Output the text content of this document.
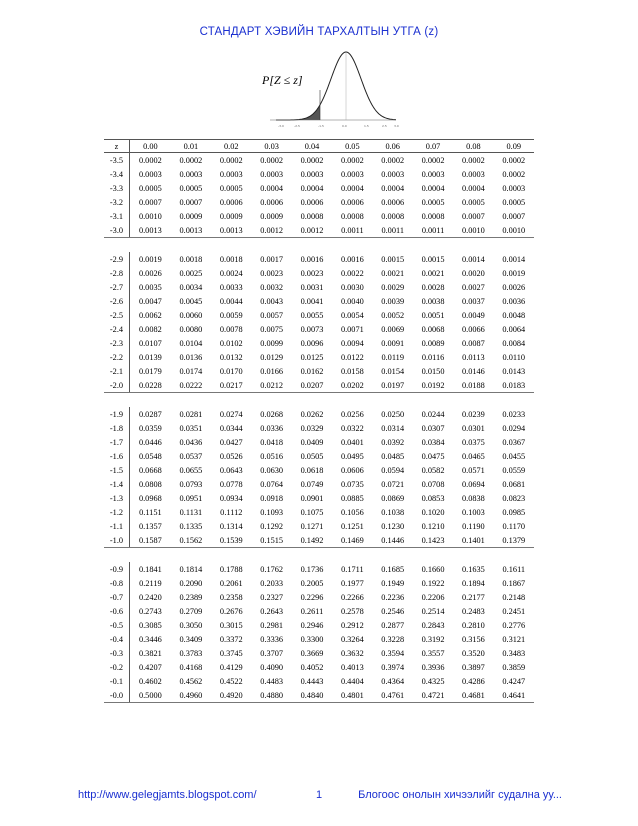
СТАНДАРТ ХЭВИЙН ТАРХАЛТЫН УТГА (z)
P[Z ≤ z]
-3.0	-2.5	-1.5	0.0	1.5	2.5 3.0
z	0.00	0.01	0.02	0.03	0.04	0.05	0.06	0.07	0.08	0.09
-3.5	0.0002	0.0002	0.0002	0.0002	0.0002	0.0002	0.0002	0.0002	0.0002	0.0002
-3.4	0.0003	0.0003	0.0003	0.0003	0.0003	0.0003	0.0003	0.0003	0.0003	0.0002
-3.3	0.0005	0.0005	0.0005	0.0004	0.0004	0.0004	0.0004	0.0004	0.0004	0.0003
-3.2	0.0007	0.0007	0.0006	0.0006	0.0006	0.0006	0.0006	0.0005	0.0005	0.0005
-3.1	0.0010	0.0009	0.0009	0.0009	0.0008	0.0008	0.0008	0.0008	0.0007	0.0007
-3.0	0.0013	0.0013	0.0013	0.0012	0.0012	0.0011	0.0011	0.0011	0.0010	0.0010

-2.9	0.0019	0.0018	0.0018	0.0017	0.0016	0.0016	0.0015	0.0015	0.0014	0.0014
-2.8	0.0026	0.0025	0.0024	0.0023	0.0023	0.0022	0.0021	0.0021	0.0020	0.0019
-2.7	0.0035	0.0034	0.0033	0.0032	0.0031	0.0030	0.0029	0.0028	0.0027	0.0026
-2.6	0.0047	0.0045	0.0044	0.0043	0.0041	0.0040	0.0039	0.0038	0.0037	0.0036
-2.5	0.0062	0.0060	0.0059	0.0057	0.0055	0.0054	0.0052	0.0051	0.0049	0.0048
-2.4	0.0082	0.0080	0.0078	0.0075	0.0073	0.0071	0.0069	0.0068	0.0066	0.0064
-2.3	0.0107	0.0104	0.0102	0.0099	0.0096	0.0094	0.0091	0.0089	0.0087	0.0084
-2.2	0.0139	0.0136	0.0132	0.0129	0.0125	0.0122	0.0119	0.0116	0.0113	0.0110
-2.1	0.0179	0.0174	0.0170	0.0166	0.0162	0.0158	0.0154	0.0150	0.0146	0.0143
-2.0	0.0228	0.0222	0.0217	0.0212	0.0207	0.0202	0.0197	0.0192	0.0188	0.0183

-1.9	0.0287	0.0281	0.0274	0.0268	0.0262	0.0256	0.0250	0.0244	0.0239	0.0233
-1.8	0.0359	0.0351	0.0344	0.0336	0.0329	0.0322	0.0314	0.0307	0.0301	0.0294
-1.7	0.0446	0.0436	0.0427	0.0418	0.0409	0.0401	0.0392	0.0384	0.0375	0.0367
-1.6	0.0548	0.0537	0.0526	0.0516	0.0505	0.0495	0.0485	0.0475	0.0465	0.0455
-1.5	0.0668	0.0655	0.0643	0.0630	0.0618	0.0606	0.0594	0.0582	0.0571	0.0559
-1.4	0.0808	0.0793	0.0778	0.0764	0.0749	0.0735	0.0721	0.0708	0.0694	0.0681
-1.3	0.0968	0.0951	0.0934	0.0918	0.0901	0.0885	0.0869	0.0853	0.0838	0.0823
-1.2	0.1151	0.1131	0.1112	0.1093	0.1075	0.1056	0.1038	0.1020	0.1003	0.0985
-1.1	0.1357	0.1335	0.1314	0.1292	0.1271	0.1251	0.1230	0.1210	0.1190	0.1170
-1.0	0.1587	0.1562	0.1539	0.1515	0.1492	0.1469	0.1446	0.1423	0.1401	0.1379

-0.9	0.1841	0.1814	0.1788	0.1762	0.1736	0.1711	0.1685	0.1660	0.1635	0.1611
-0.8	0.2119	0.2090	0.2061	0.2033	0.2005	0.1977	0.1949	0.1922	0.1894	0.1867
-0.7	0.2420	0.2389	0.2358	0.2327	0.2296	0.2266	0.2236	0.2206	0.2177	0.2148
-0.6	0.2743	0.2709	0.2676	0.2643	0.2611	0.2578	0.2546	0.2514	0.2483	0.2451
-0.5	0.3085	0.3050	0.3015	0.2981	0.2946	0.2912	0.2877	0.2843	0.2810	0.2776
-0.4	0.3446	0.3409	0.3372	0.3336	0.3300	0.3264	0.3228	0.3192	0.3156	0.3121
-0.3	0.3821	0.3783	0.3745	0.3707	0.3669	0.3632	0.3594	0.3557	0.3520	0.3483
-0.2	0.4207	0.4168	0.4129	0.4090	0.4052	0.4013	0.3974	0.3936	0.3897	0.3859
-0.1	0.4602	0.4562	0.4522	0.4483	0.4443	0.4404	0.4364	0.4325	0.4286	0.4247
-0.0	0.5000	0.4960	0.4920	0.4880	0.4840	0.4801	0.4761	0.4721	0.4681	0.4641
http://www.gelegjamts.blogspot.com/	1	Блогоос онолын хичээлийг судална уу...
